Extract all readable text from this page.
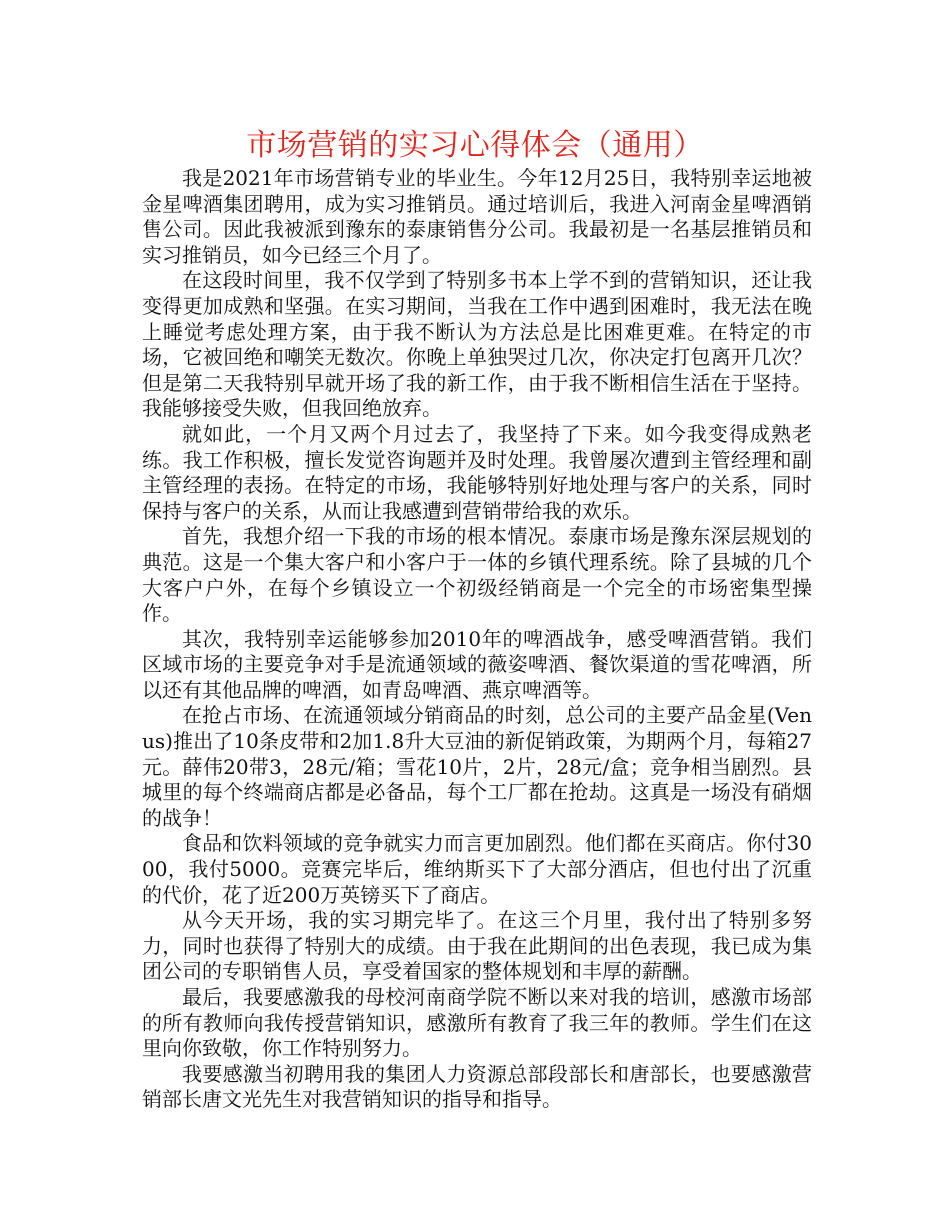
市场营销的实习心得体会（通用）

我是2021年市场营销专业的毕业生。今年12月25日，我特别幸运地被金星啤酒集团聘用，成为实习推销员。通过培训后，我进入河南金星啤酒销售公司。因此我被派到豫东的泰康销售分公司。我最初是一名基层推销员和实习推销员，如今已经三个月了。

在这段时间里，我不仅学到了特别多书本上学不到的营销知识，还让我变得更加成熟和坚强。在实习期间，当我在工作中遇到困难时，我无法在晚上睡觉考虑处理方案，由于我不断认为方法总是比困难更难。在特定的市场，它被回绝和嘲笑无数次。你晚上单独哭过几次，你决定打包离开几次？但是第二天我特别早就开场了我的新工作，由于我不断相信生活在于坚持。我能够接受失败，但我回绝放弃。

就如此，一个月又两个月过去了，我坚持了下来。如今我变得成熟老练。我工作积极，擅长发觉咨询题并及时处理。我曾屡次遭到主管经理和副主管经理的表扬。在特定的市场，我能够特别好地处理与客户的关系，同时保持与客户的关系，从而让我感遭到营销带给我的欢乐。

首先，我想介绍一下我的市场的根本情况。泰康市场是豫东深层规划的典范。这是一个集大客户和小客户于一体的乡镇代理系统。除了县城的几个大客户户外，在每个乡镇设立一个初级经销商是一个完全的市场密集型操作。

其次，我特别幸运能够参加2010年的啤酒战争，感受啤酒营销。我们区域市场的主要竞争对手是流通领域的薇姿啤酒、餐饮渠道的雪花啤酒，所以还有其他品牌的啤酒，如青岛啤酒、燕京啤酒等。

在抢占市场、在流通领域分销商品的时刻，总公司的主要产品金星(Venus)推出了10条皮带和2加1.8升大豆油的新促销政策，为期两个月，每箱27元。薛伟20带3，28元/箱；雪花10片，2片，28元/盒；竞争相当剧烈。县城里的每个终端商店都是必备品，每个工厂都在抢劫。这真是一场没有硝烟的战争！

食品和饮料领域的竞争就实力而言更加剧烈。他们都在买商店。你付3000，我付5000。竞赛完毕后，维纳斯买下了大部分酒店，但也付出了沉重的代价，花了近200万英镑买下了商店。

从今天开场，我的实习期完毕了。在这三个月里，我付出了特别多努力，同时也获得了特别大的成绩。由于我在此期间的出色表现，我已成为集团公司的专职销售人员，享受着国家的整体规划和丰厚的薪酬。

最后，我要感激我的母校河南商学院不断以来对我的培训，感激市场部的所有教师向我传授营销知识，感激所有教育了我三年的教师。学生们在这里向你致敬，你工作特别努力。

我要感激当初聘用我的集团人力资源总部段部长和唐部长，也要感激营销部长唐文光先生对我营销知识的指导和指导。
